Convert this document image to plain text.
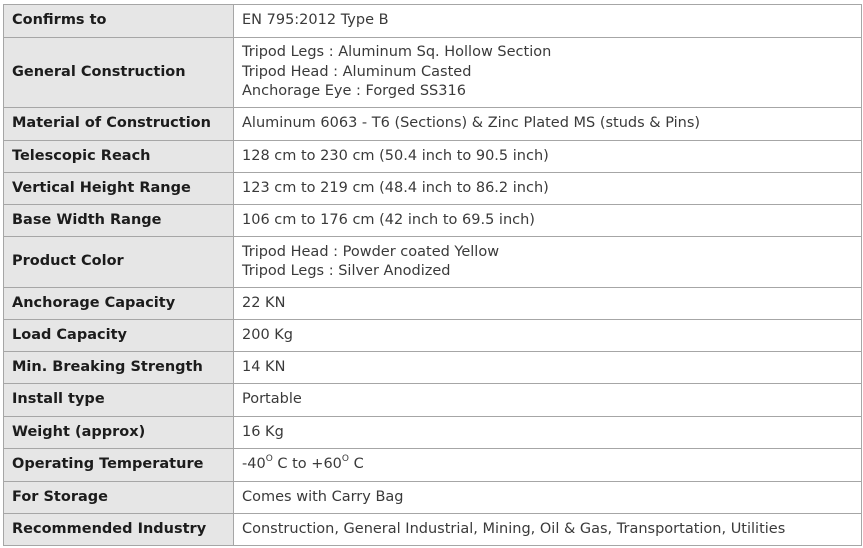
Confirms to	EN 795:2012 Type B

General Construction	Tripod Legs : Aluminum Sq. Hollow Section
Tripod Head : Aluminum Casted
Anchorage Eye : Forged SS316

Material of Construction	Aluminum 6063 - T6 (Sections) & Zinc Plated MS (studs & Pins)

Telescopic Reach	128 cm to 230 cm (50.4 inch to 90.5 inch)

Vertical Height Range	123 cm to 219 cm (48.4 inch to 86.2 inch)

Base Width Range	106 cm to 176 cm (42 inch to 69.5 inch)

Product Color	Tripod Head : Powder coated Yellow
Tripod Legs : Silver Anodized

Anchorage Capacity	22 KN

Load Capacity	200 Kg

Min. Breaking Strength	14 KN

Install type	Portable

Weight (approx)	16 Kg

Operating Temperature	$-40^O$ C to $+60^O$ C

For Storage	Comes with Carry Bag

Recommended Industry	Construction, General Industrial, Mining, Oil & Gas, Transportation, Utilities
